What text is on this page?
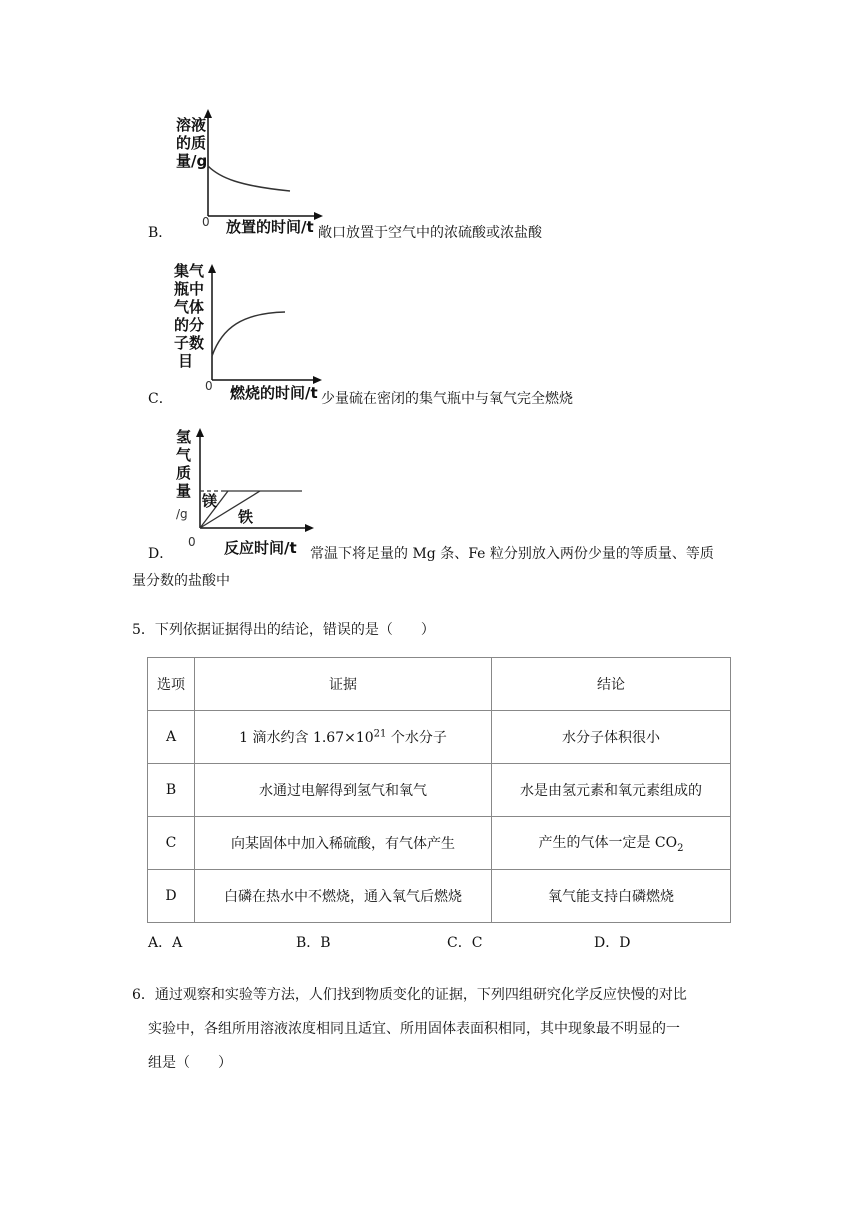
溶液
的质
量/g
0
B．	放置的时间/t 敞口放置于空气中的浓硫酸或浓盐酸
集气
瓶中
气体
的分
子数
目
0
C．	燃烧的时间/t 少量硫在密闭的集气瓶中与氧气完全燃烧
氢
气
质
量
/g
镁
铁
0
D．	反应时间/t 常温下将足量的 Mg 条、Fe 粒分别放入两份少量的等质量、等质
量分数的盐酸中
5．下列依据证据得出的结论，错误的是（　　）
选项	证据	结论
A	1 滴水约含 $1.67\times 10^{21}$ 个水分子	水分子体积很小
B	水通过电解得到氢气和氧气	水是由氢元素和氧元素组成的
C	向某固体中加入稀硫酸，有气体产生	产生的气体一定是 $CO_2$
D	白磷在热水中不燃烧，通入氧气后燃烧	氧气能支持白磷燃烧
A．A	B．B	C．C	D．D
6．通过观察和实验等方法，人们找到物质变化的证据，下列四组研究化学反应快慢的对比
实验中，各组所用溶液浓度相同且适宜、所用固体表面积相同，其中现象最不明显的一
组是（　　）
